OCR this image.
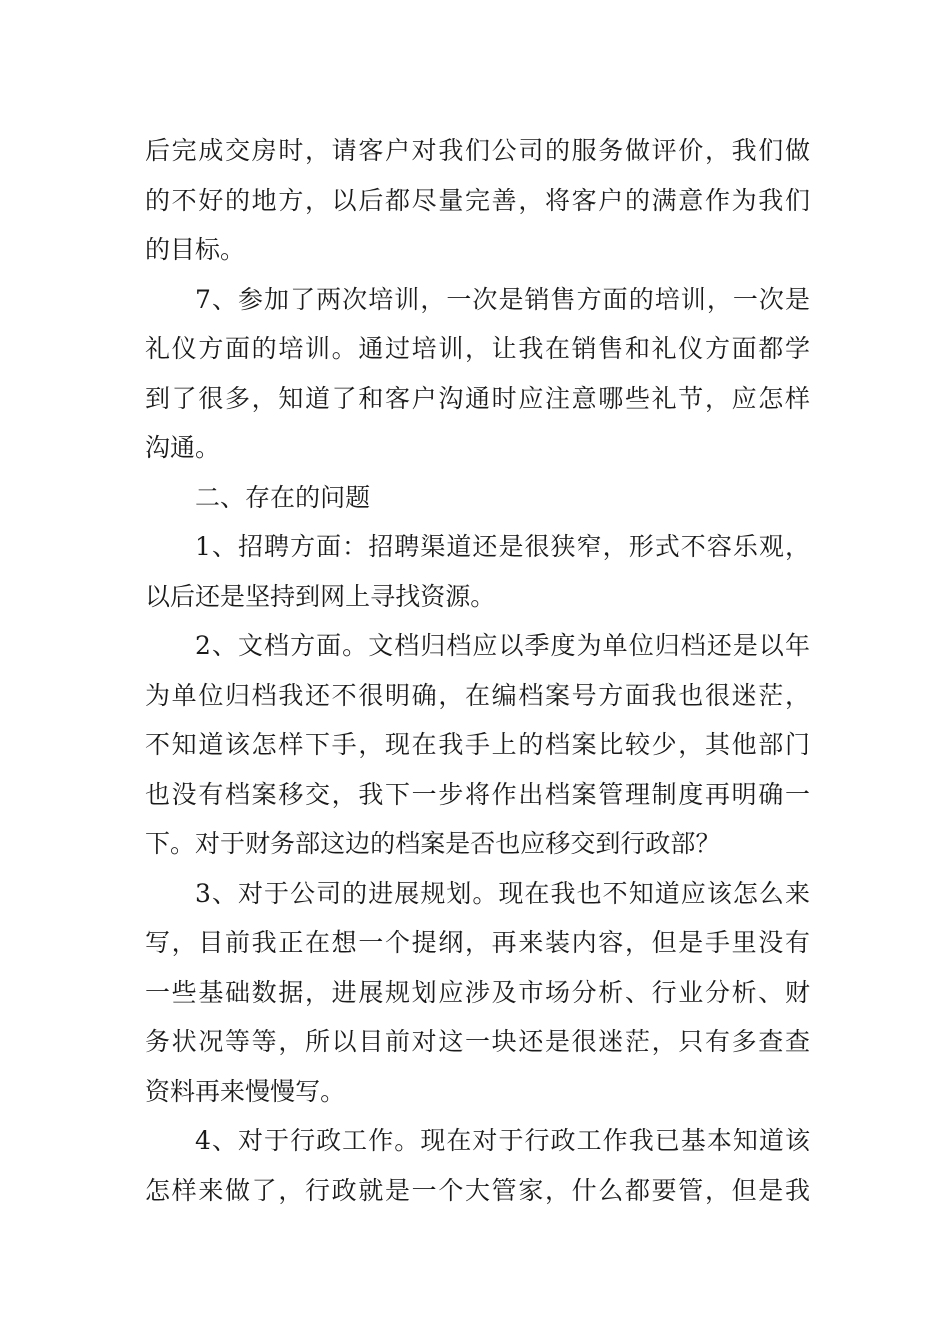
后完成交房时，请客户对我们公司的服务做评价，我们做
的不好的地方，以后都尽量完善，将客户的满意作为我们
的目标。

7、参加了两次培训，一次是销售方面的培训，一次是
礼仪方面的培训。通过培训，让我在销售和礼仪方面都学
到了很多，知道了和客户沟通时应注意哪些礼节，应怎样
沟通。

二、存在的问题

1、招聘方面：招聘渠道还是很狭窄，形式不容乐观，
以后还是坚持到网上寻找资源。

2、文档方面。文档归档应以季度为单位归档还是以年
为单位归档我还不很明确，在编档案号方面我也很迷茫，
不知道该怎样下手，现在我手上的档案比较少，其他部门
也没有档案移交，我下一步将作出档案管理制度再明确一
下。对于财务部这边的档案是否也应移交到行政部？

3、对于公司的进展规划。现在我也不知道应该怎么来
写，目前我正在想一个提纲，再来装内容，但是手里没有
一些基础数据，进展规划应涉及市场分析、行业分析、财
务状况等等，所以目前对这一块还是很迷茫，只有多查查
资料再来慢慢写。

4、对于行政工作。现在对于行政工作我已基本知道该
怎样来做了，行政就是一个大管家，什么都要管，但是我
